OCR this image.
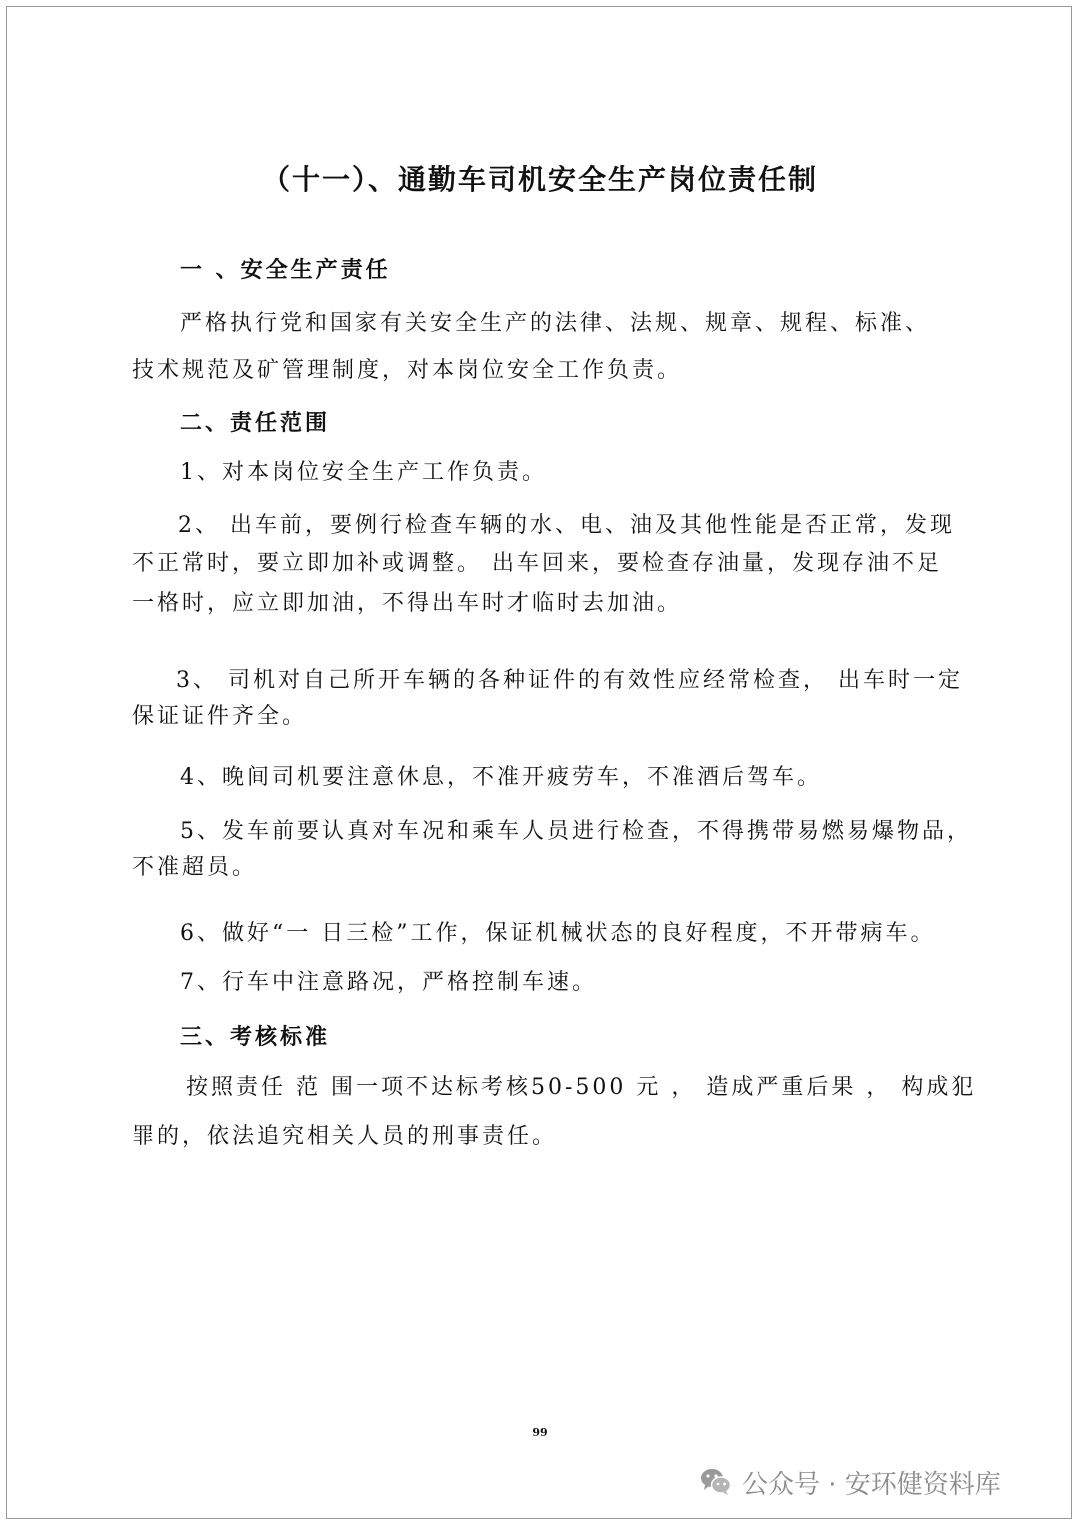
（十一）、通勤车司机安全生产岗位责任制
一 、安全生产责任
严格执行党和国家有关安全生产的法律、法规、规章、规程、标准、
技术规范及矿管理制度，对本岗位安全工作负责。
二、责任范围
1、对本岗位安全生产工作负责。
2、 出车前，要例行检查车辆的水、电、油及其他性能是否正常，发现
不正常时，要立即加补或调整。 出车回来，要检查存油量，发现存油不足
一格时，应立即加油，不得出车时才临时去加油。
3、 司机对自己所开车辆的各种证件的有效性应经常检查， 出车时一定
保证证件齐全。
4、晚间司机要注意休息，不准开疲劳车，不准酒后驾车。
5、发车前要认真对车况和乘车人员进行检查，不得携带易燃易爆物品，
不准超员。
6、做好“一 日三检”工作，保证机械状态的良好程度，不开带病车。
7、行车中注意路况，严格控制车速。
三、考核标准
按照责任 范 围一项不达标考核50-500 元 ， 造成严重后果 ， 构成犯
罪的，依法追究相关人员的刑事责任。
99
公众号 · 安环健资料库
